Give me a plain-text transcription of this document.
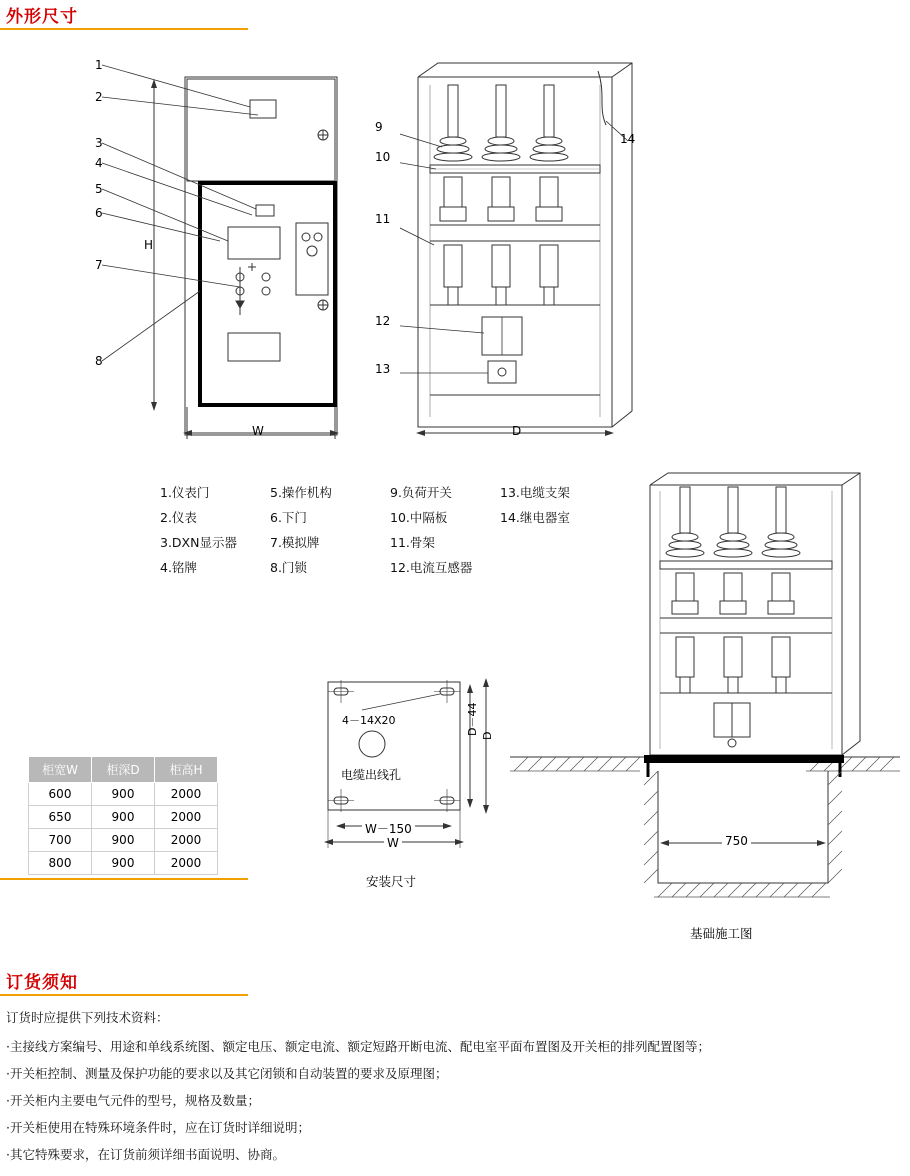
外形尺寸
1
2
3
4
5
6
7
8
H
W
9
10
11
12
13
14
D
1.仪表门
2.仪表
3.DXN显示器
4.铭牌
5.操作机构
6.下门
7.模拟牌
8.门锁
9.负荷开关
10.中隔板
11.骨架
12.电流互感器
13.电缆支架
14.继电器室
4－14X20
电缆出线孔
D－44 D
W－150
W
安装尺寸
750
基础施工图
柜宽W	柜深D	柜高H
600	900	2000
650	900	2000
700	900	2000
800	900	2000
订货须知
订货时应提供下列技术资料：
·主接线方案编号、用途和单线系统图、额定电压、额定电流、额定短路开断电流、配电室平面布置图及开关柜的排列配置图等；
·开关柜控制、测量及保护功能的要求以及其它闭锁和自动装置的要求及原理图；
·开关柜内主要电气元件的型号，规格及数量；
·开关柜使用在特殊环境条件时，应在订货时详细说明；
·其它特殊要求，在订货前须详细书面说明、协商。
